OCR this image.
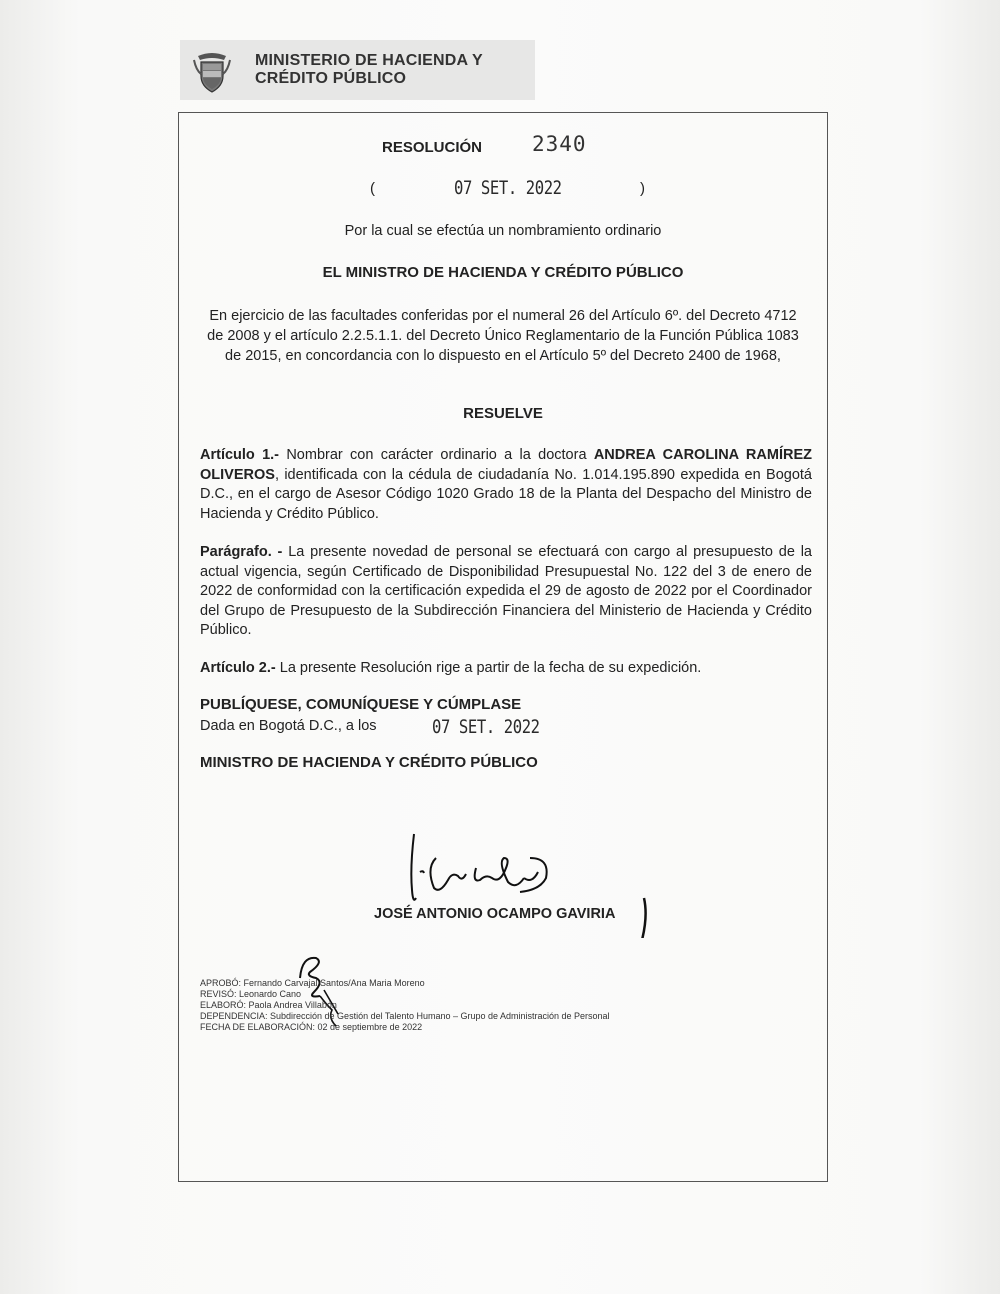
MINISTERIO DE HACIENDA Y
CRÉDITO PÚBLICO
RESOLUCIÓN 2340
(	07 SET. 2022	)
Por la cual se efectúa un nombramiento ordinario
EL MINISTRO DE HACIENDA Y CRÉDITO PÚBLICO
En ejercicio de las facultades conferidas por el numeral 26 del Artículo 6º. del Decreto 4712 de 2008 y el artículo 2.2.5.1.1. del Decreto Único Reglamentario de la Función Pública 1083 de 2015, en concordancia con lo dispuesto en el Artículo 5º del Decreto 2400 de 1968,
RESUELVE
Artículo 1.- Nombrar con carácter ordinario a la doctora ANDREA CAROLINA RAMÍREZ OLIVEROS, identificada con la cédula de ciudadanía No. 1.014.195.890 expedida en Bogotá D.C., en el cargo de Asesor Código 1020 Grado 18 de la Planta del Despacho del Ministro de Hacienda y Crédito Público.
Parágrafo. - La presente novedad de personal se efectuará con cargo al presupuesto de la actual vigencia, según Certificado de Disponibilidad Presupuestal No. 122 del 3 de enero de 2022 de conformidad con la certificación expedida el 29 de agosto de 2022 por el Coordinador del Grupo de Presupuesto de la Subdirección Financiera del Ministerio de Hacienda y Crédito Público.
Artículo 2.- La presente Resolución rige a partir de la fecha de su expedición.
PUBLÍQUESE, COMUNÍQUESE Y CÚMPLASE
Dada en Bogotá D.C., a los	07 SET. 2022
MINISTRO DE HACIENDA Y CRÉDITO PÚBLICO
JOSÉ ANTONIO OCAMPO GAVIRIA
APROBÓ: Fernando Carvajal Santos/Ana Maria Moreno
REVISÓ: Leonardo Cano
ELABORÓ: Paola Andrea Villabón
DEPENDENCIA: Subdirección de Gestión del Talento Humano – Grupo de Administración de Personal
FECHA DE ELABORACIÓN: 02 de septiembre de 2022
